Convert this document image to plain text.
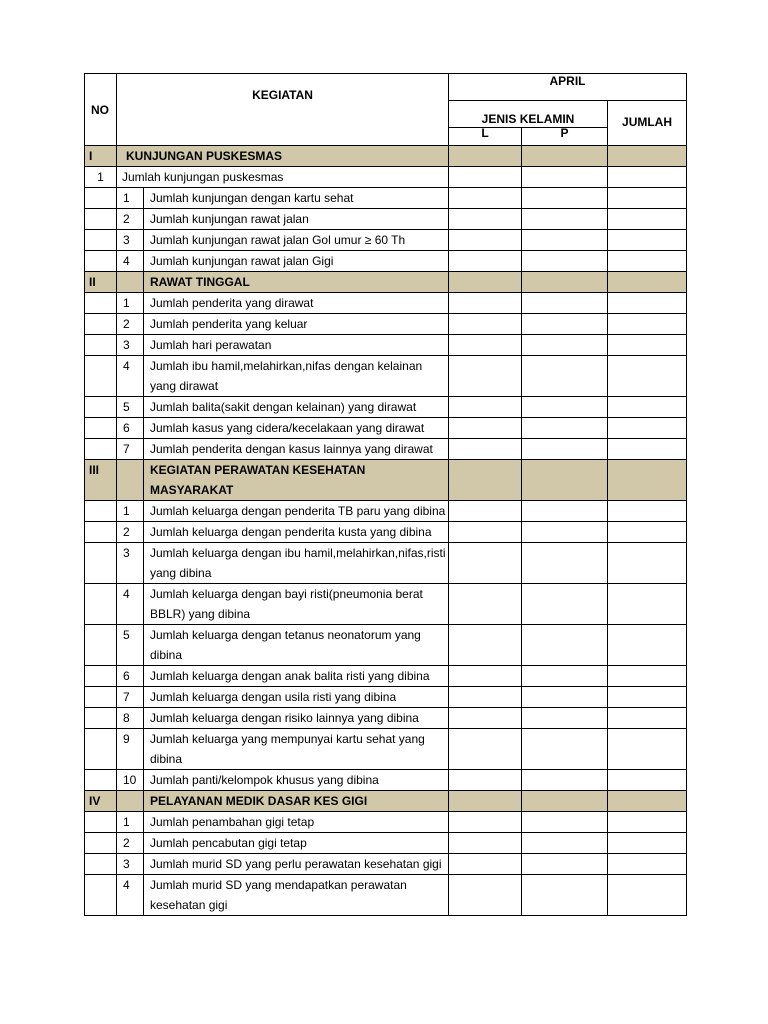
NO	KEGIATAN		APRIL		
			JENIS KELAMIN		JUMLAH
			L	P	
I	KUNJUNGAN PUSKESMAS				
1	Jumlah kunjungan puskesmas				
	1	Jumlah kunjungan dengan kartu sehat			
	2	Jumlah kunjungan rawat jalan			
	3	Jumlah kunjungan rawat jalan Gol umur ≥ 60 Th			
	4	Jumlah kunjungan rawat jalan Gigi			
II		RAWAT TINGGAL			
	1	Jumlah penderita yang dirawat			
	2	Jumlah penderita yang keluar			
	3	Jumlah hari perawatan			
	4	Jumlah ibu hamil,melahirkan,nifas dengan kelainan yang dirawat			
	5	Jumlah balita(sakit dengan kelainan) yang dirawat			
	6	Jumlah kasus yang cidera/kecelakaan yang dirawat			
	7	Jumlah penderita dengan kasus lainnya yang dirawat			
III		KEGIATAN PERAWATAN KESEHATAN MASYARAKAT			
	1	Jumlah keluarga dengan penderita TB paru yang dibina			
	2	Jumlah keluarga dengan penderita kusta yang dibina			
	3	Jumlah keluarga dengan ibu hamil,melahirkan,nifas,risti yang dibina			
	4	Jumlah keluarga dengan bayi risti(pneumonia berat BBLR) yang dibina			
	5	Jumlah keluarga dengan tetanus neonatorum yang dibina			
	6	Jumlah keluarga dengan anak balita risti yang dibina			
	7	Jumlah keluarga dengan usila risti yang dibina			
	8	Jumlah keluarga dengan risiko lainnya yang dibina			
	9	Jumlah keluarga yang mempunyai kartu sehat yang dibina			
	10	Jumlah panti/kelompok khusus yang dibina			
IV		PELAYANAN MEDIK DASAR KES GIGI			
	1	Jumlah penambahan gigi tetap			
	2	Jumlah pencabutan gigi tetap			
	3	Jumlah murid SD yang perlu perawatan kesehatan gigi			
	4	Jumlah murid SD yang mendapatkan perawatan kesehatan gigi			
